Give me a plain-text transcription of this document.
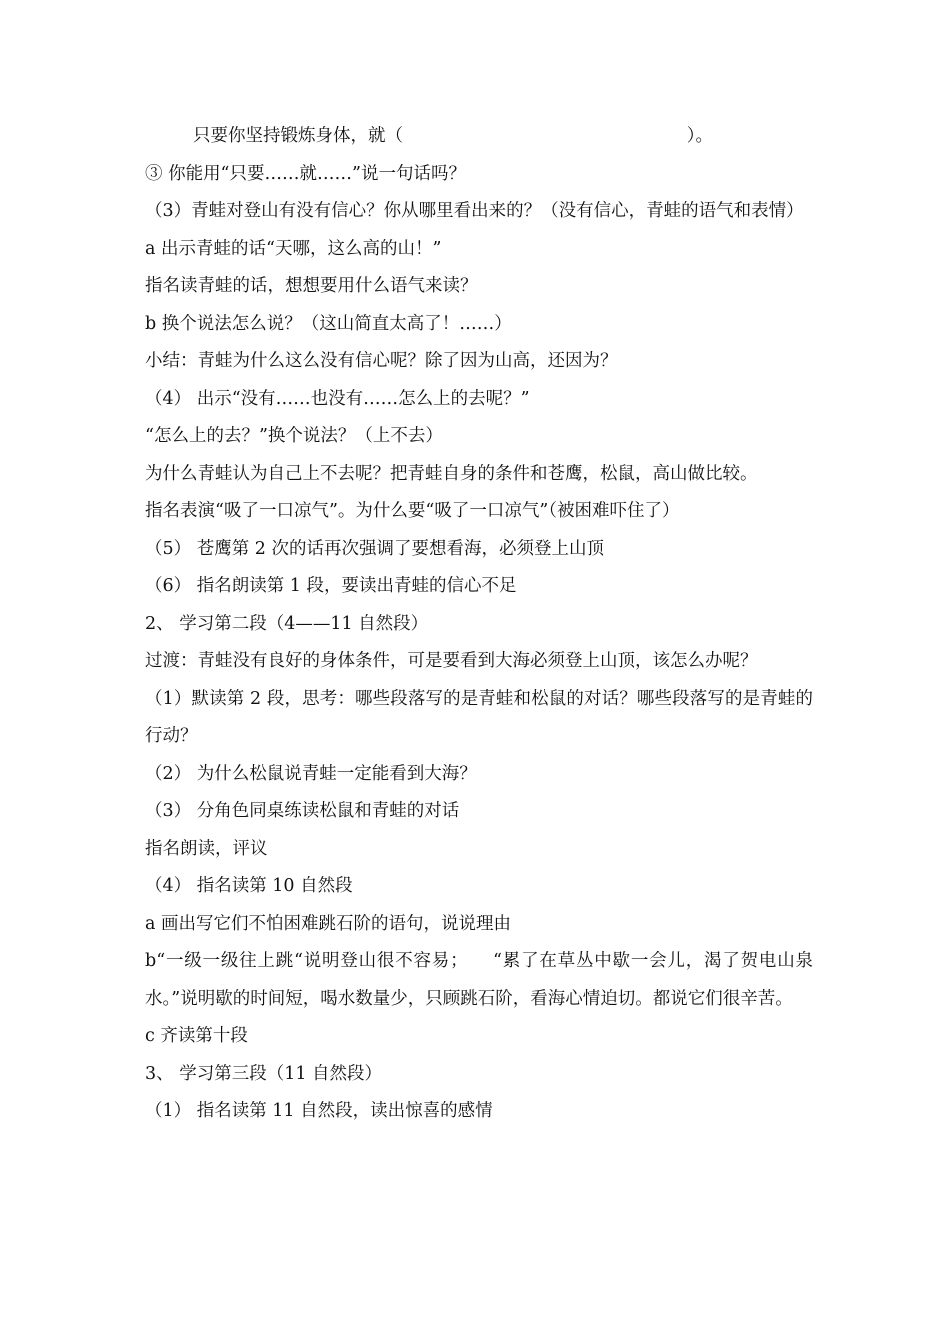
只要你坚持锻炼身体，就（                                                   ）。
③ 你能用“只要……就……”说一句话吗？
（3）青蛙对登山有没有信心？你从哪里看出来的？（没有信心，青蛙的语气和表情）
a 出示青蛙的话“天哪，这么高的山！”
指名读青蛙的话，想想要用什么语气来读？
b 换个说法怎么说？（这山简直太高了！……）
小结：青蛙为什么这么没有信心呢？除了因为山高，还因为？
（4） 出示“没有……也没有……怎么上的去呢？”
“怎么上的去？”换个说法？（上不去）
为什么青蛙认为自己上不去呢？把青蛙自身的条件和苍鹰，松鼠，高山做比较。
指名表演“吸了一口凉气”。为什么要“吸了一口凉气”（被困难吓住了）
（5） 苍鹰第 2 次的话再次强调了要想看海，必须登上山顶
（6） 指名朗读第 1 段，要读出青蛙的信心不足
2、 学习第二段（4——11 自然段）
过渡：青蛙没有良好的身体条件，可是要看到大海必须登上山顶，该怎么办呢？
（1）默读第 2 段，思考：哪些段落写的是青蛙和松鼠的对话？哪些段落写的是青蛙的行动？
（2） 为什么松鼠说青蛙一定能看到大海？
（3） 分角色同桌练读松鼠和青蛙的对话
指名朗读，评议
（4） 指名读第 10 自然段
a 画出写它们不怕困难跳石阶的语句，说说理由
b“一级一级往上跳“说明登山很不容易；    “累了在草丛中歇一会儿，渴了贺电山泉水。”说明歇的时间短，喝水数量少，只顾跳石阶，看海心情迫切。都说它们很辛苦。
c 齐读第十段
3、 学习第三段（11 自然段）
（1） 指名读第 11 自然段，读出惊喜的感情
